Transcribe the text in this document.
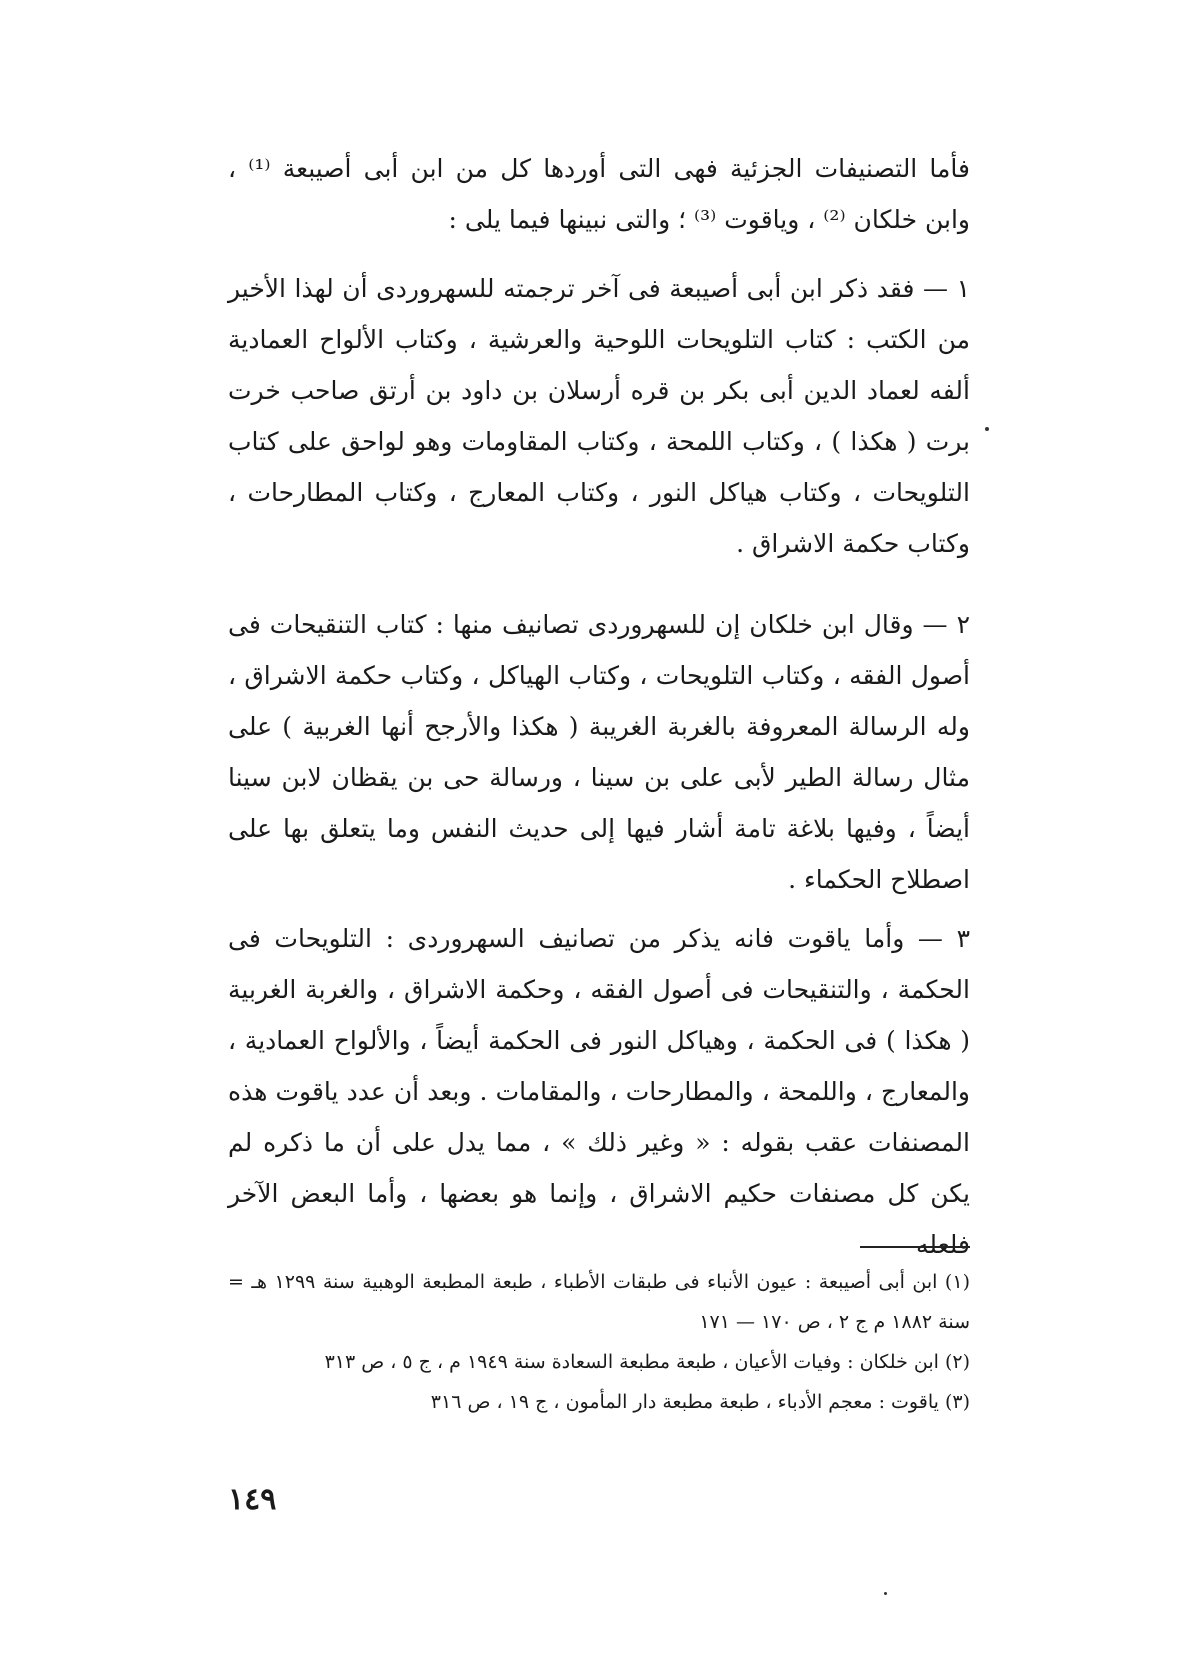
فأما التصنيفات الجزئية فهى التى أوردها كل من ابن أبى أصيبعة ⁽¹⁾ ، وابن خلكان ⁽²⁾ ، وياقوت ⁽³⁾ ؛ والتى نبينها فيما يلى :

١ — فقد ذكر ابن أبى أصيبعة فى آخر ترجمته للسهروردى أن لهذا الأخير من الكتب : كتاب التلويحات اللوحية والعرشية ، وكتاب الألواح العمادية ألفه لعماد الدين أبى بكر بن قره أرسلان بن داود بن أرتق صاحب خرت برت ( هكذا ) ، وكتاب اللمحة ، وكتاب المقاومات وهو لواحق على كتاب التلويحات ، وكتاب هياكل النور ، وكتاب المعارج ، وكتاب المطارحات ، وكتاب حكمة الاشراق .

٢ — وقال ابن خلكان إن للسهروردى تصانيف منها : كتاب التنقيحات فى أصول الفقه ، وكتاب التلويحات ، وكتاب الهياكل ، وكتاب حكمة الاشراق ، وله الرسالة المعروفة بالغربة الغريبة ( هكذا والأرجح أنها الغربية ) على مثال رسالة الطير لأبى على بن سينا ، ورسالة حى بن يقظان لابن سينا أيضاً ، وفيها بلاغة تامة أشار فيها إلى حديث النفس وما يتعلق بها على اصطلاح الحكماء .

٣ — وأما ياقوت فانه يذكر من تصانيف السهروردى : التلويحات فى الحكمة ، والتنقيحات فى أصول الفقه ، وحكمة الاشراق ، والغربة الغربية ( هكذا ) فى الحكمة ، وهياكل النور فى الحكمة أيضاً ، والألواح العمادية ، والمعارج ، واللمحة ، والمطارحات ، والمقامات . وبعد أن عدد ياقوت هذه المصنفات عقب بقوله : « وغير ذلك » ، مما يدل على أن ما ذكره لم يكن كل مصنفات حكيم الاشراق ، وإنما هو بعضها ، وأما البعض الآخر فلعله

(١) ابن أبى أصيبعة : عيون الأنباء فى طبقات الأطباء ، طبعة المطبعة الوهبية سنة ١٢٩٩ هـ = سنة ١٨٨٢ م ج ٢ ، ص ١٧٠ — ١٧١

(٢) ابن خلكان : وفيات الأعيان ، طبعة مطبعة السعادة سنة ١٩٤٩ م ، ج ٥ ، ص ٣١٣

(٣) ياقوت : معجم الأدباء ، طبعة مطبعة دار المأمون ، ج ١٩ ، ص ٣١٦

١٤٩
